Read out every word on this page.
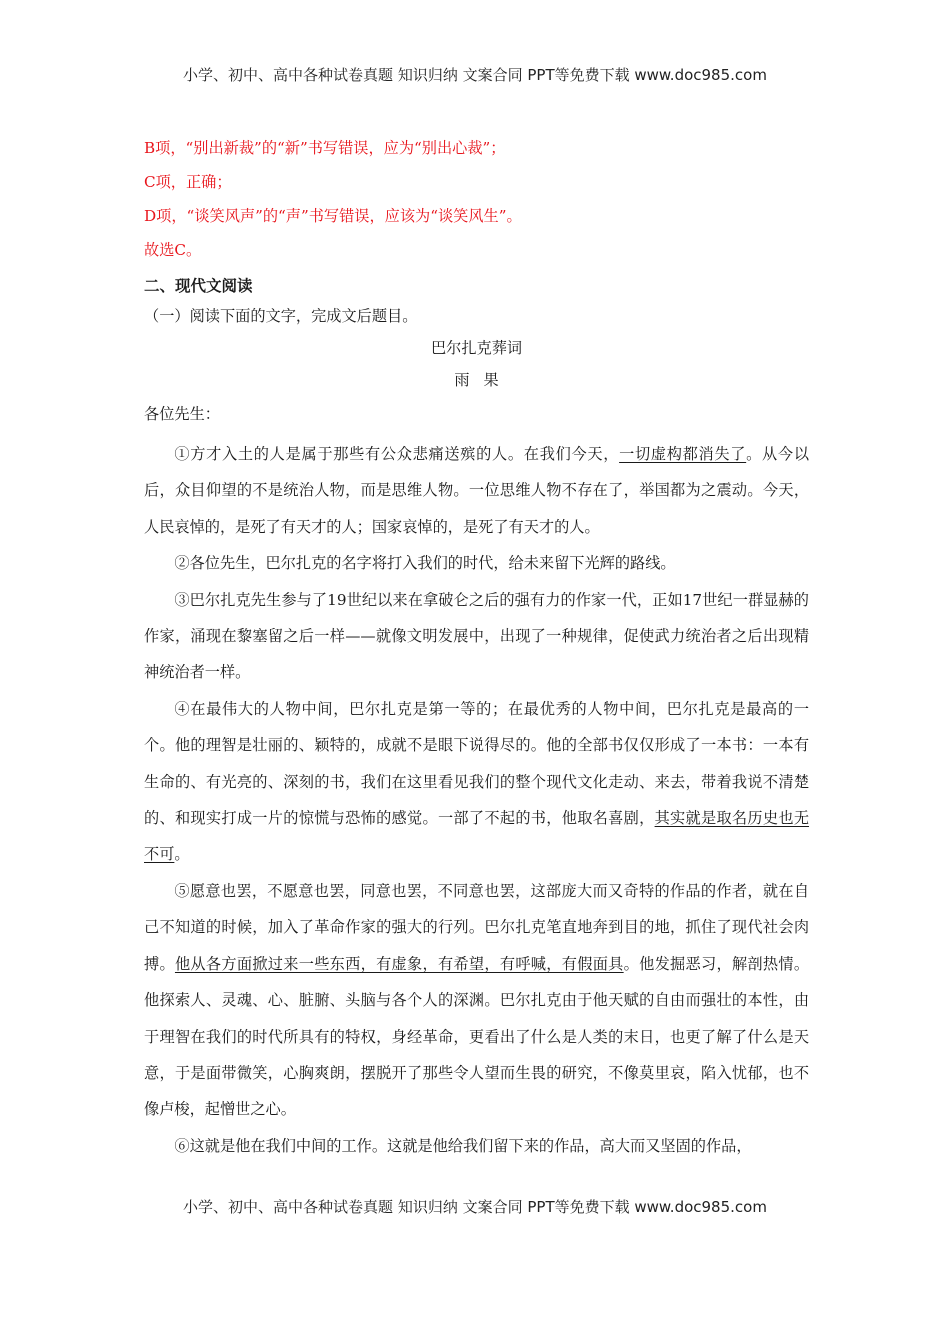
小学、初中、高中各种试卷真题 知识归纳 文案合同 PPT等免费下载 www.doc985.com
B项，“别出新裁”的“新”书写错误，应为“别出心裁”；
C项，正确；
D项，“谈笑风声”的“声”书写错误，应该为“谈笑风生”。
故选C。
二、现代文阅读
（一）阅读下面的文字，完成文后题目。
巴尔扎克葬词
雨果
各位先生：

①方才入土的人是属于那些有公众悲痛送殡的人。在我们今天，一切虚构都消失了。从今以后，众目仰望的不是统治人物，而是思维人物。一位思维人物不存在了，举国都为之震动。今天，人民哀悼的，是死了有天才的人；国家哀悼的，是死了有天才的人。

②各位先生，巴尔扎克的名字将打入我们的时代，给未来留下光辉的路线。

③巴尔扎克先生参与了19世纪以来在拿破仑之后的强有力的作家一代，正如17世纪一群显赫的作家，涌现在黎塞留之后一样——就像文明发展中，出现了一种规律，促使武力统治者之后出现精神统治者一样。

④在最伟大的人物中间，巴尔扎克是第一等的；在最优秀的人物中间，巴尔扎克是最高的一个。他的理智是壮丽的、颖特的，成就不是眼下说得尽的。他的全部书仅仅形成了一本书：一本有生命的、有光亮的、深刻的书，我们在这里看见我们的整个现代文化走动、来去，带着我说不清楚的、和现实打成一片的惊慌与恐怖的感觉。一部了不起的书，他取名喜剧，其实就是取名历史也无不可。

⑤愿意也罢，不愿意也罢，同意也罢，不同意也罢，这部庞大而又奇特的作品的作者，就在自己不知道的时候，加入了革命作家的强大的行列。巴尔扎克笔直地奔到目的地，抓住了现代社会肉搏。他从各方面掀过来一些东西，有虚象，有希望，有呼喊，有假面具。他发掘恶习，解剖热情。他探索人、灵魂、心、脏腑、头脑与各个人的深渊。巴尔扎克由于他天赋的自由而强壮的本性，由于理智在我们的时代所具有的特权，身经革命，更看出了什么是人类的末日，也更了解了什么是天意，于是面带微笑，心胸爽朗，摆脱开了那些令人望而生畏的研究，不像莫里哀，陷入忧郁，也不像卢梭，起憎世之心。

⑥这就是他在我们中间的工作。这就是他给我们留下来的作品，高大而又坚固的作品，

小学、初中、高中各种试卷真题 知识归纳 文案合同 PPT等免费下载 www.doc985.com
